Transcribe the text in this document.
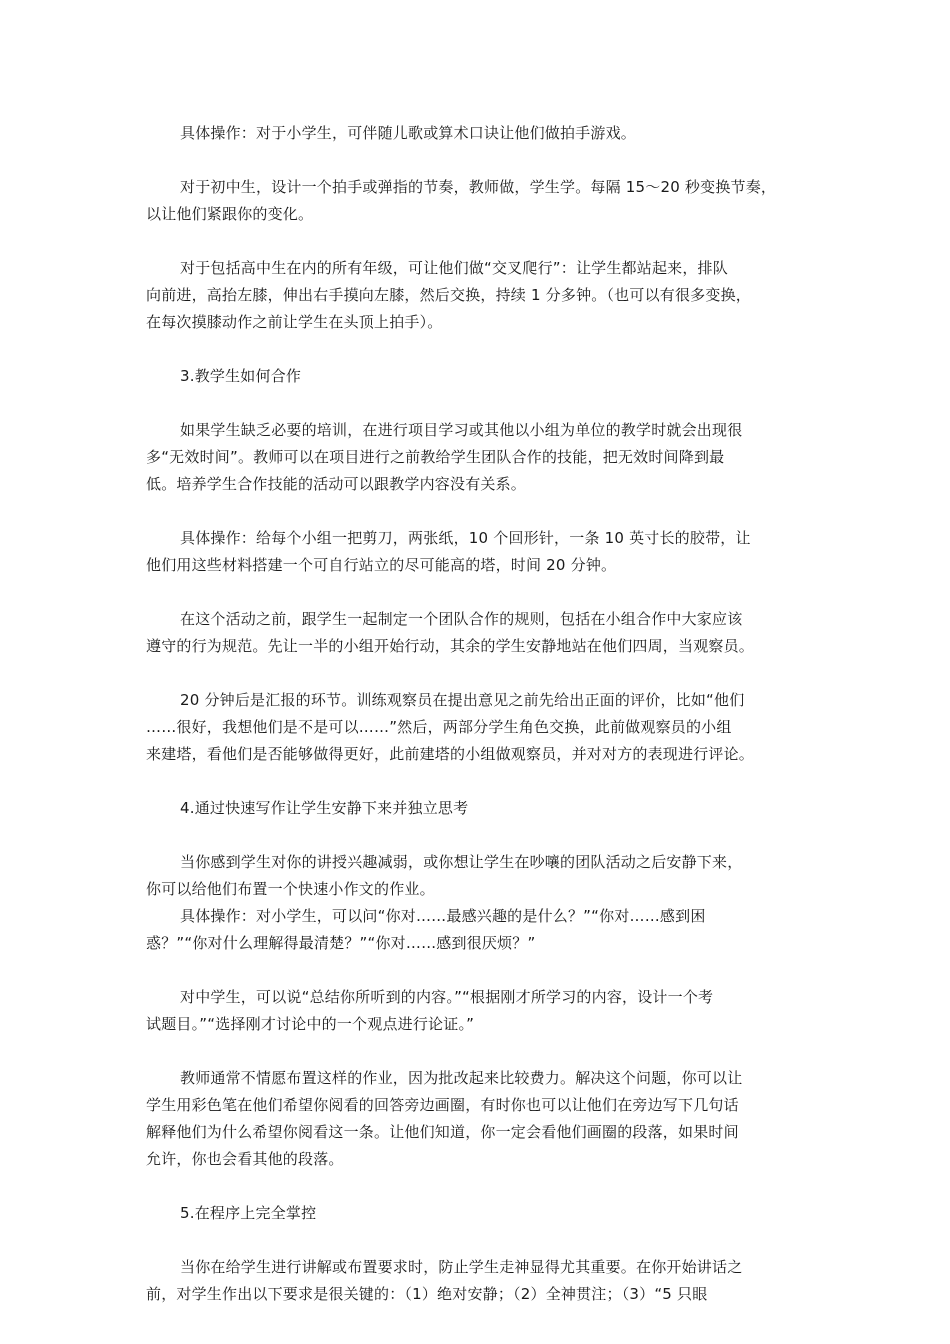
具体操作：对于小学生，可伴随儿歌或算术口诀让他们做拍手游戏。
对于初中生，设计一个拍手或弹指的节奏，教师做，学生学。每隔 15～20 秒变换节奏，
以让他们紧跟你的变化。
对于包括高中生在内的所有年级，可让他们做“交叉爬行”：让学生都站起来，排队
向前进，高抬左膝，伸出右手摸向左膝，然后交换，持续 1 分多钟。（也可以有很多变换，
在每次摸膝动作之前让学生在头顶上拍手）。
3.教学生如何合作
如果学生缺乏必要的培训，在进行项目学习或其他以小组为单位的教学时就会出现很
多“无效时间”。教师可以在项目进行之前教给学生团队合作的技能，把无效时间降到最
低。培养学生合作技能的活动可以跟教学内容没有关系。
具体操作：给每个小组一把剪刀，两张纸，10 个回形针，一条 10 英寸长的胶带，让
他们用这些材料搭建一个可自行站立的尽可能高的塔，时间 20 分钟。
在这个活动之前，跟学生一起制定一个团队合作的规则，包括在小组合作中大家应该
遵守的行为规范。先让一半的小组开始行动，其余的学生安静地站在他们四周，当观察员。
20 分钟后是汇报的环节。训练观察员在提出意见之前先给出正面的评价，比如“他们
……很好，我想他们是不是可以……”然后，两部分学生角色交换，此前做观察员的小组
来建塔，看他们是否能够做得更好，此前建塔的小组做观察员，并对对方的表现进行评论。
4.通过快速写作让学生安静下来并独立思考
当你感到学生对你的讲授兴趣减弱，或你想让学生在吵嚷的团队活动之后安静下来，
你可以给他们布置一个快速小作文的作业。
具体操作：对小学生，可以问“你对……最感兴趣的是什么？”“你对……感到困
惑？”“你对什么理解得最清楚？”“你对……感到很厌烦？”
对中学生，可以说“总结你所听到的内容。”“根据刚才所学习的内容，设计一个考
试题目。”“选择刚才讨论中的一个观点进行论证。”
教师通常不情愿布置这样的作业，因为批改起来比较费力。解决这个问题，你可以让
学生用彩色笔在他们希望你阅看的回答旁边画圈，有时你也可以让他们在旁边写下几句话
解释他们为什么希望你阅看这一条。让他们知道，你一定会看他们画圈的段落，如果时间
允许，你也会看其他的段落。
5.在程序上完全掌控
当你在给学生进行讲解或布置要求时，防止学生走神显得尤其重要。在你开始讲话之
前，对学生作出以下要求是很关键的：（1）绝对安静；（2）全神贯注；（3）“5 只眼
